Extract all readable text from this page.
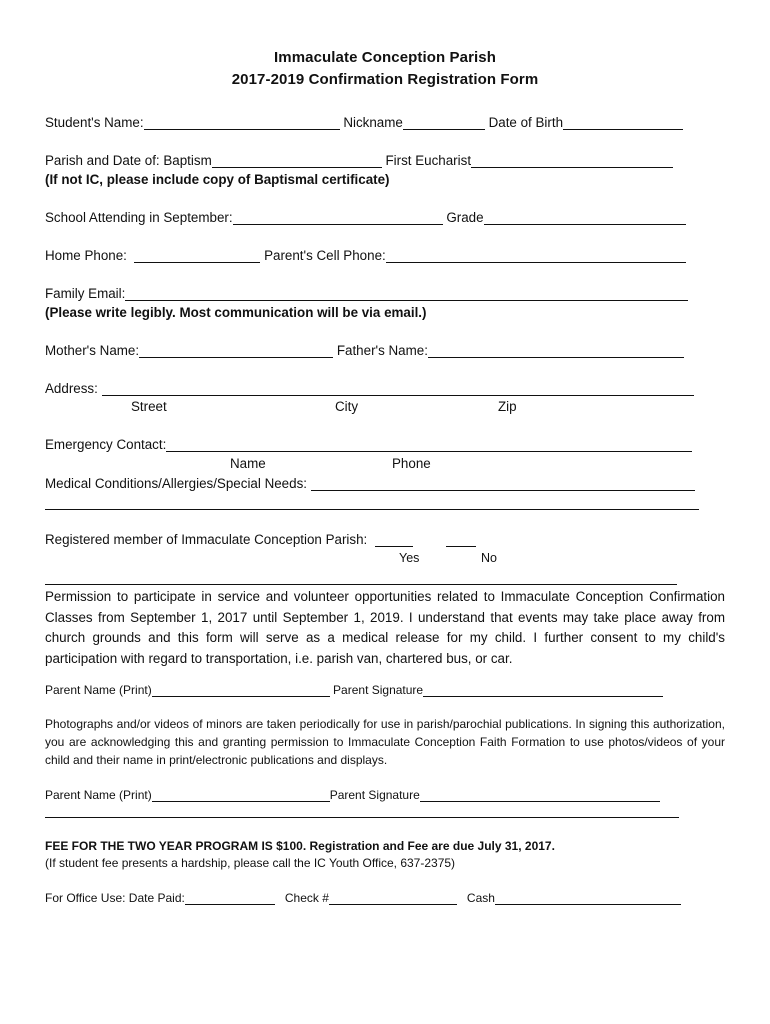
Immaculate Conception Parish
2017-2019 Confirmation Registration Form
Student's Name:	Nickname	Date of Birth
Parish and Date of: Baptism	First Eucharist
(If not IC, please include copy of Baptismal certificate)
School Attending in September:	Grade
Home Phone:	Parent's Cell Phone:
Family Email:
(Please write legibly. Most communication will be via email.)
Mother's Name:	Father's Name:
Address:
Street	City	Zip
Emergency Contact:
Name	Phone
Medical Conditions/Allergies/Special Needs:
Registered member of Immaculate Conception Parish:
Yes	No
Permission to participate in service and volunteer opportunities related to Immaculate Conception Confirmation Classes from September 1, 2017 until September 1, 2019. I understand that events may take place away from church grounds and this form will serve as a medical release for my child. I further consent to my child's participation with regard to transportation, i.e. parish van, chartered bus, or car.
Parent Name (Print)	Parent Signature
Photographs and/or videos of minors are taken periodically for use in parish/parochial publications. In signing this authorization, you are acknowledging this and granting permission to Immaculate Conception Faith Formation to use photos/videos of your child and their name in print/electronic publications and displays.
Parent Name (Print)	Parent Signature
FEE FOR THE TWO YEAR PROGRAM IS $100. Registration and Fee are due July 31, 2017.
(If student fee presents a hardship, please call the IC Youth Office, 637-2375)
For Office Use: Date Paid:	Check #	Cash
